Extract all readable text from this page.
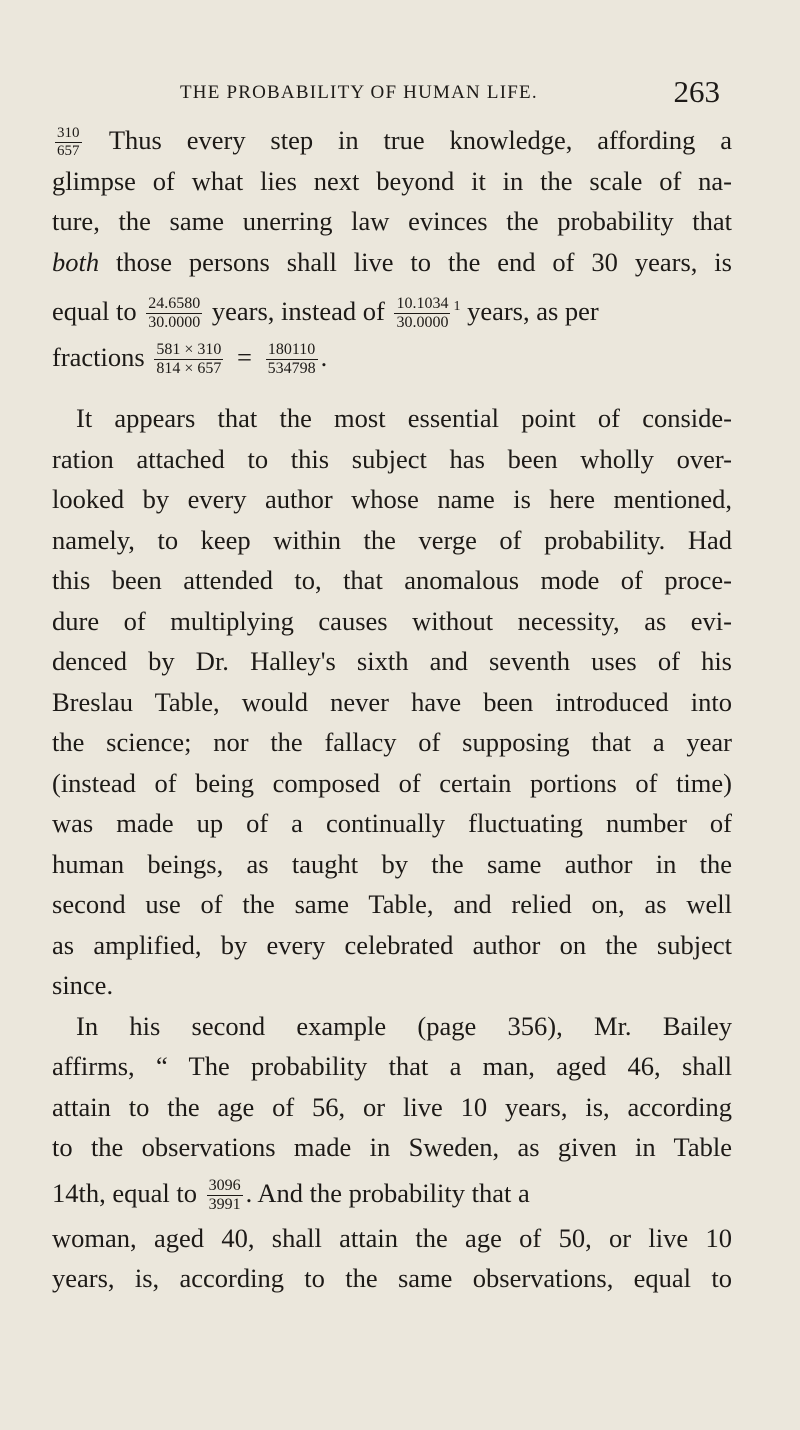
THE PROBABILITY OF HUMAN LIFE.	263
$\frac{310}{657}$ Thus every step in true knowledge, affording a
glimpse of what lies next beyond it in the scale of na-
ture, the same unerring law evinces the probability that
both those persons shall live to the end of 30 years, is
equal to $\frac{24.6580}{30.0000}$ years, instead of $\frac{10.1034}{30.0000} ^1$ years, as per
fractions $\frac{581 \times 310}{814 \times 657} = \frac{180110}{534798}$ .
It appears that the most essential point of conside-
ration attached to this subject has been wholly over-
looked by every author whose name is here mentioned,
namely, to keep within the verge of probability. Had
this been attended to, that anomalous mode of proce-
dure of multiplying causes without necessity, as evi-
denced by Dr. Halley's sixth and seventh uses of his
Breslau Table, would never have been introduced into
the science; nor the fallacy of supposing that a year
(instead of being composed of certain portions of time)
was made up of a continually fluctuating number of
human beings, as taught by the same author in the
second use of the same Table, and relied on, as well
as amplified, by every celebrated author on the subject
since.
In his second example (page 356), Mr. Bailey
affirms, “ The probability that a man, aged 46, shall
attain to the age of 56, or live 10 years, is, according
to the observations made in Sweden, as given in Table
14th, equal to $\frac{3096}{3991}$ . And the probability that a
woman, aged 40, shall attain the age of 50, or live 10
years, is, according to the same observations, equal to
